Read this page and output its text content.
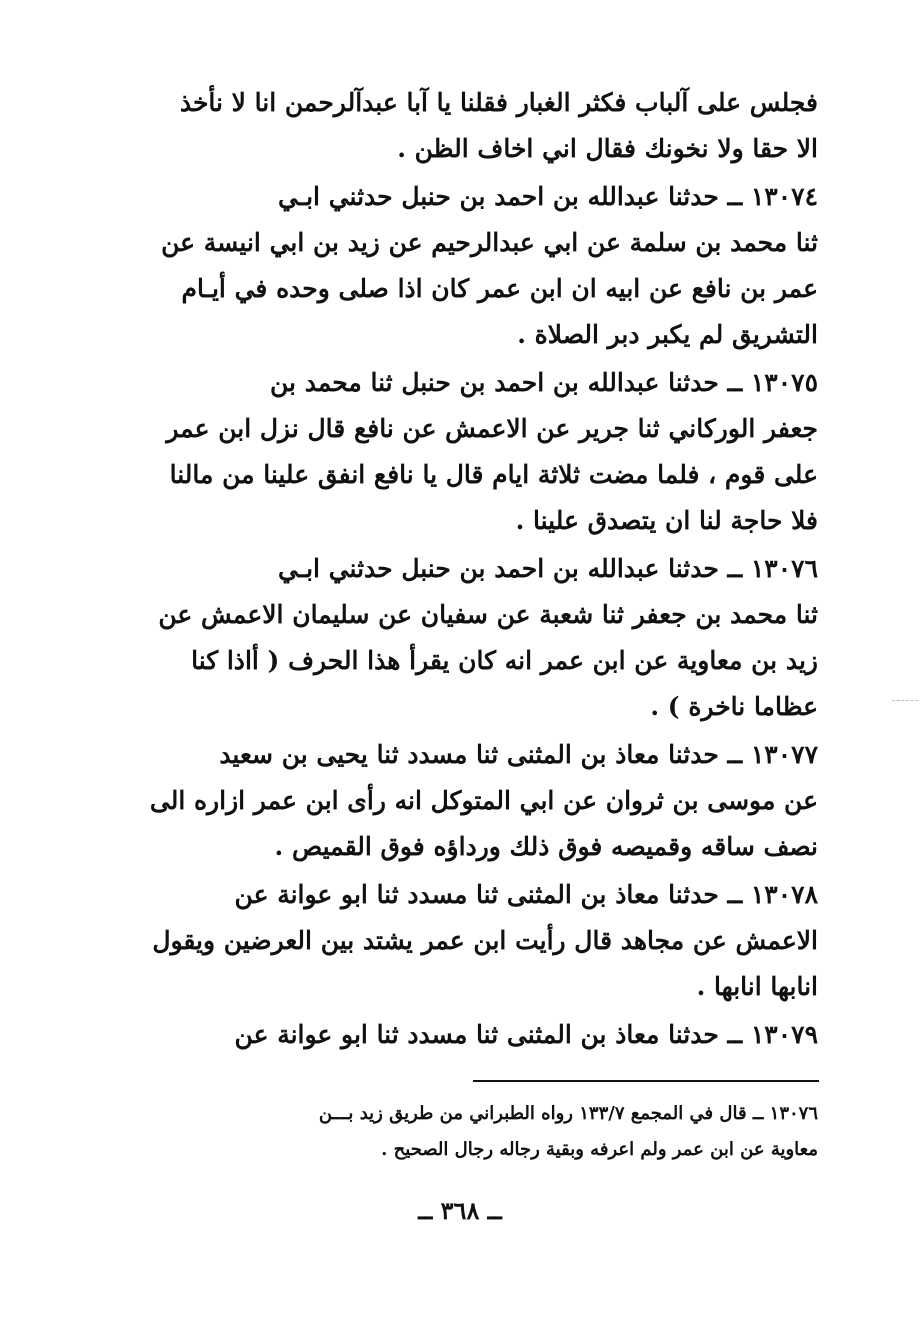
فجلس على آلباب فكثر الغبار فقلنا يا آبا عبدآلرحمن انا لا نأخذ
الا حقا ولا نخونك فقال اني اخاف الظن .
١٣٠٧٤ ــ حدثنا عبدالله بن احمد بن حنبل حدثني ابـي
ثنا محمد بن سلمة عن ابي عبدالرحيم عن زيد بن ابي انيسة عن
عمر بن نافع عن ابيه ان ابن عمر كان اذا صلى وحده في أيـام
التشريق لم يكبر دبر الصلاة .
١٣٠٧٥ ــ حدثنا عبدالله بن احمد بن حنبل ثنا محمد بن
جعفر الوركاني ثنا جرير عن الاعمش عن نافع قال نزل ابن عمر
على قوم ، فلما مضت ثلاثة ايام قال يا نافع انفق علينا من مالنا
فلا حاجة لنا ان يتصدق علينا .
١٣٠٧٦ ــ حدثنا عبدالله بن احمد بن حنبل حدثني ابـي
ثنا محمد بن جعفر ثنا شعبة عن سفيان عن سليمان الاعمش عن
زيد بن معاوية عن ابن عمر انه كان يقرأ هذا الحرف ( أاذا كنا
عظاما ناخرة ) .
١٣٠٧٧ ــ حدثنا معاذ بن المثنى ثنا مسدد ثنا يحيى بن سعيد
عن موسى بن ثروان عن ابي المتوكل انه رأى ابن عمر ازاره الى
نصف ساقه وقميصه فوق ذلك ورداؤه فوق القميص .
١٣٠٧٨ ــ حدثنا معاذ بن المثنى ثنا مسدد ثنا ابو عوانة عن
الاعمش عن مجاهد قال رأيت ابن عمر يشتد بين العرضين ويقول
انابها انابها .
١٣٠٧٩ ــ حدثنا معاذ بن المثنى ثنا مسدد ثنا ابو عوانة عن
١٣٠٧٦ ــ قال في المجمع ١٣٣/٧ رواه الطبراني من طريق زيد بـــن
معاوية عن ابن عمر ولم اعرفه وبقية رجاله رجال الصحيح .
ــ ٣٦٨ ــ
